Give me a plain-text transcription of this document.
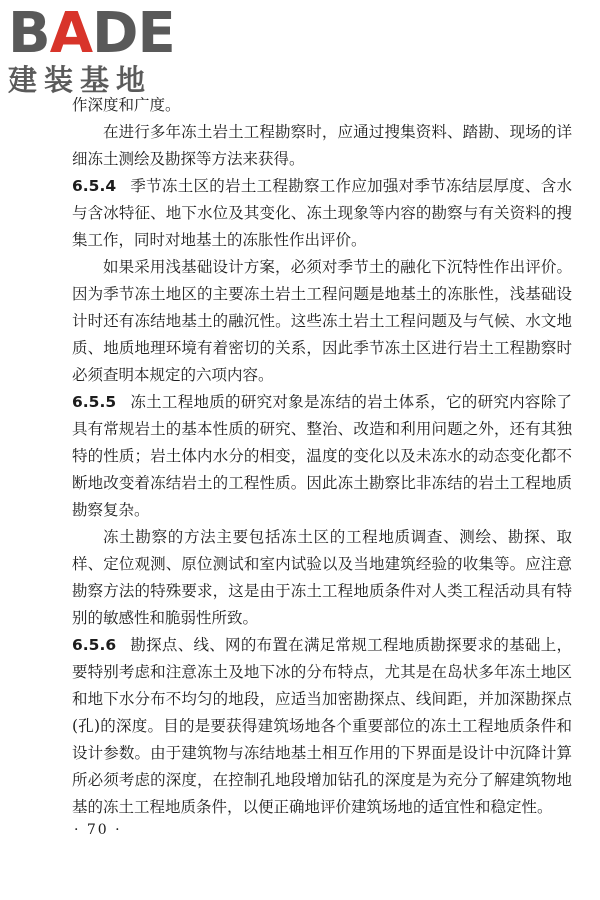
BADE
建装基地

作深度和广度。

在进行多年冻土岩土工程勘察时，应通过搜集资料、踏勘、现场的详细冻土测绘及勘探等方法来获得。

6.5.4 季节冻土区的岩土工程勘察工作应加强对季节冻结层厚度、含水与含冰特征、地下水位及其变化、冻土现象等内容的勘察与有关资料的搜集工作，同时对地基土的冻胀性作出评价。

如果采用浅基础设计方案，必须对季节土的融化下沉特性作出评价。因为季节冻土地区的主要冻土岩土工程问题是地基土的冻胀性，浅基础设计时还有冻结地基土的融沉性。这些冻土岩土工程问题及与气候、水文地质、地质地理环境有着密切的关系，因此季节冻土区进行岩土工程勘察时必须查明本规定的六项内容。

6.5.5 冻土工程地质的研究对象是冻结的岩土体系，它的研究内容除了具有常规岩土的基本性质的研究、整治、改造和利用问题之外，还有其独特的性质；岩土体内水分的相变，温度的变化以及未冻水的动态变化都不断地改变着冻结岩土的工程性质。因此冻土勘察比非冻结的岩土工程地质勘察复杂。

冻土勘察的方法主要包括冻土区的工程地质调查、测绘、勘探、取样、定位观测、原位测试和室内试验以及当地建筑经验的收集等。应注意勘察方法的特殊要求，这是由于冻土工程地质条件对人类工程活动具有特别的敏感性和脆弱性所致。

6.5.6 勘探点、线、网的布置在满足常规工程地质勘探要求的基础上，要特别考虑和注意冻土及地下冰的分布特点，尤其是在岛状多年冻土地区和地下水分布不均匀的地段，应适当加密勘探点、线间距，并加深勘探点(孔)的深度。目的是要获得建筑场地各个重要部位的冻土工程地质条件和设计参数。由于建筑物与冻结地基土相互作用的下界面是设计中沉降计算所必须考虑的深度，在控制孔地段增加钻孔的深度是为充分了解建筑物地基的冻土工程地质条件，以便正确地评价建筑场地的适宜性和稳定性。

· 70 ·
